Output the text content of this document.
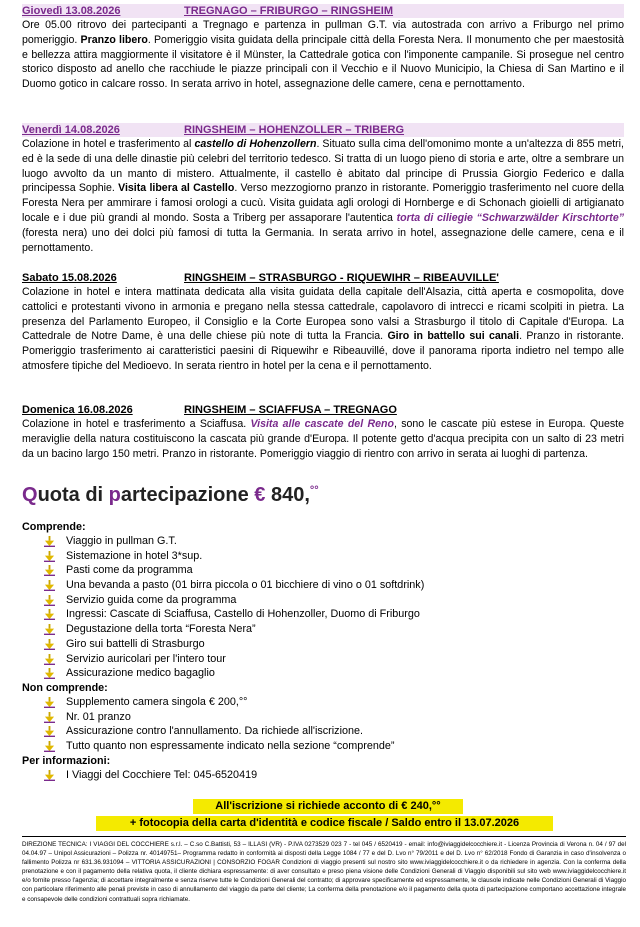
Giovedì 13.08.2026	TREGNAGO – FRIBURGO – RINGSHEIM

Ore 05.00 ritrovo dei partecipanti a Tregnago e partenza in pullman G.T. via autostrada con arrivo a Friburgo nel primo pomeriggio. Pranzo libero. Pomeriggio visita guidata della principale città della Foresta Nera. Il monumento che per maestosità e bellezza attira maggiormente il visitatore è il Münster, la Cattedrale gotica con l'imponente campanile. Si prosegue nel centro storico disposto ad anello che racchiude le piazze principali con il Vecchio e il Nuovo Municipio, la Chiesa di San Martino e il Duomo gotico in calcare rosso. In serata arrivo in hotel, assegnazione delle camere, cena e pernottamento.

Venerdì 14.08.2026	RINGSHEIM – HOHENZOLLER – TRIBERG

Colazione in hotel e trasferimento al castello di Hohenzollern. Situato sulla cima dell'omonimo monte a un'altezza di 855 metri, ed è la sede di una delle dinastie più celebri del territorio tedesco. Si tratta di un luogo pieno di storia e arte, oltre a sembrare un luogo avvolto da un manto di mistero. Attualmente, il castello è abitato dal principe di Prussia Giorgio Federico e dalla principessa Sophie. Visita libera al Castello. Verso mezzogiorno pranzo in ristorante. Pomeriggio trasferimento nel cuore della Foresta Nera per ammirare i famosi orologi a cucù. Visita guidata agli orologi di Hornberge e di Schonach gioielli di artigianato locale e i due più grandi al mondo. Sosta a Triberg per assaporare l'autentica torta di ciliegie “Schwarzwälder Kirschtorte” (foresta nera) uno dei dolci più famosi di tutta la Germania. In serata arrivo in hotel, assegnazione delle camere, cena e il pernottamento.

Sabato 15.08.2026	RINGSHEIM – STRASBURGO - RIQUEWIHR – RIBEAUVILLE'

Colazione in hotel e intera mattinata dedicata alla visita guidata della capitale dell'Alsazia, città aperta e cosmopolita, dove cattolici e protestanti vivono in armonia e pregano nella stessa cattedrale, capolavoro di intrecci e ricami scolpiti in pietra. La presenza del Parlamento Europeo, il Consiglio e la Corte Europea sono valsi a Strasburgo il titolo di Capitale d'Europa. La Cattedrale de Notre Dame, è una delle chiese più note di tutta la Francia. Giro in battello sui canali. Pranzo in ristorante. Pomeriggio trasferimento ai caratteristici paesini di Riquewihr e Ribeauvillé, dove il panorama riporta indietro nel tempo alle atmosfere tipiche del Medioevo. In serata rientro in hotel per la cena e il pernottamento.

Domenica 16.08.2026	RINGSHEIM – SCIAFFUSA – TREGNAGO

Colazione in hotel e trasferimento a Sciaffusa. Visita alle cascate del Reno, sono le cascate più estese in Europa. Queste meraviglie della natura costituiscono la cascata più grande d'Europa. Il potente getto d'acqua precipita con un salto di 23 metri da un bacino largo 150 metri. Pranzo in ristorante. Pomeriggio viaggio di rientro con arrivo in serata ai luoghi di partenza.

Quota di partecipazione € 840,°°
Comprende:
Viaggio in pullman G.T.
Sistemazione in hotel 3*sup.
Pasti come da programma
Una bevanda a pasto (01 birra piccola o 01 bicchiere di vino o 01 softdrink)
Servizio guida come da programma
Ingressi: Cascate di Sciaffusa, Castello di Hohenzoller, Duomo di Friburgo
Degustazione della torta “Foresta Nera”
Giro sui battelli di Strasburgo
Servizio auricolari per l'intero tour
Assicurazione medico bagaglio
Non comprende:
Supplemento camera singola € 200,°°
Nr. 01 pranzo
Assicurazione contro l'annullamento. Da richiede all'iscrizione.
Tutto quanto non espressamente indicato nella sezione “comprende”
Per informazioni:
I Viaggi del Cocchiere Tel: 045-6520419
All'iscrizione si richiede acconto di € 240,°°
+ fotocopia della carta d'identità e codice fiscale / Saldo entro il 13.07.2026
DIREZIONE TECNICA: I VIAGGI DEL COCCHIERE s.r.l. – C.so C.Battisti, 53 – ILLASI (VR) - P.IVA 0273529 023 7 - tel 045 / 6520419 - email: info@iviaggidelcocchiere.it - Licenza Provincia di Verona n. 04 / 97 del 04.04.97 – Unipol Assicurazioni – Polizza nr. 40149751– Programma redatto in conformità ai disposti della Legge 1084 / 77 e del D. Lvo n° 79/2011 e del D. Lvo n° 62/2018 Fondo di Garanzia in caso d'insolvenza o fallimento Polizza nr 631.36.931094 – VITTORIA ASSICURAZIONI | CONSORZIO FOGAR Condizioni di viaggio presenti sul nostro sito www.iviaggidelcocchiere.it o da richiedere in agenzia. Con la conferma della prenotazione e con il pagamento della relativa quota, il cliente dichiara espressamente: di aver consultato e preso piena visione delle Condizioni Generali di Viaggio disponibili sul sito web www.iviaggidelcocchiere.it e/o fornite presso l'agenzia; di accettare integralmente e senza riserve tutte le Condizioni Generali del contratto; di approvare specificamente ed espressamente, le clausole indicate nelle Condizioni Generali di Viaggio con particolare riferimento alle penali previste in caso di annullamento del viaggio da parte del cliente; La conferma della prenotazione e/o il pagamento della quota di partecipazione comportano accettazione integrale e consapevole delle condizioni contrattuali sopra richiamate.
